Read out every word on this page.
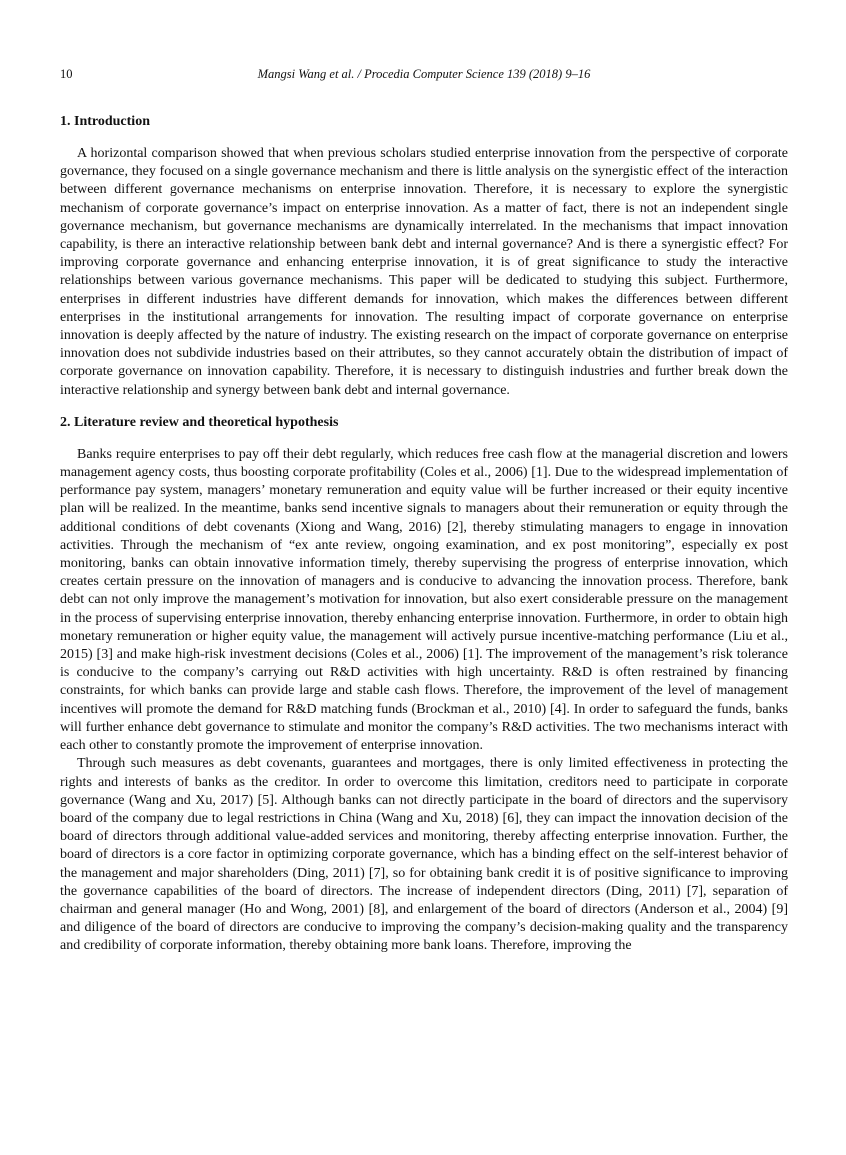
10	Mangsi Wang et al. / Procedia Computer Science 139 (2018) 9–16
1. Introduction

A horizontal comparison showed that when previous scholars studied enterprise innovation from the perspective of corporate governance, they focused on a single governance mechanism and there is little analysis on the synergistic effect of the interaction between different governance mechanisms on enterprise innovation. Therefore, it is necessary to explore the synergistic mechanism of corporate governance’s impact on enterprise innovation. As a matter of fact, there is not an independent single governance mechanism, but governance mechanisms are dynamically interrelated. In the mechanisms that impact innovation capability, is there an interactive relationship between bank debt and internal governance? And is there a synergistic effect? For improving corporate governance and enhancing enterprise innovation, it is of great significance to study the interactive relationships between various governance mechanisms. This paper will be dedicated to studying this subject. Furthermore, enterprises in different industries have different demands for innovation, which makes the differences between different enterprises in the institutional arrangements for innovation. The resulting impact of corporate governance on enterprise innovation is deeply affected by the nature of industry. The existing research on the impact of corporate governance on enterprise innovation does not subdivide industries based on their attributes, so they cannot accurately obtain the distribution of impact of corporate governance on innovation capability. Therefore, it is necessary to distinguish industries and further break down the interactive relationship and synergy between bank debt and internal governance.

2. Literature review and theoretical hypothesis

Banks require enterprises to pay off their debt regularly, which reduces free cash flow at the managerial discretion and lowers management agency costs, thus boosting corporate profitability (Coles et al., 2006) [1]. Due to the widespread implementation of performance pay system, managers’ monetary remuneration and equity value will be further increased or their equity incentive plan will be realized. In the meantime, banks send incentive signals to managers about their remuneration or equity through the additional conditions of debt covenants (Xiong and Wang, 2016) [2], thereby stimulating managers to engage in innovation activities. Through the mechanism of “ex ante review, ongoing examination, and ex post monitoring”, especially ex post monitoring, banks can obtain innovative information timely, thereby supervising the progress of enterprise innovation, which creates certain pressure on the innovation of managers and is conducive to advancing the innovation process. Therefore, bank debt can not only improve the management’s motivation for innovation, but also exert considerable pressure on the management in the process of supervising enterprise innovation, thereby enhancing enterprise innovation. Furthermore, in order to obtain high monetary remuneration or higher equity value, the management will actively pursue incentive-matching performance (Liu et al., 2015) [3] and make high-risk investment decisions (Coles et al., 2006) [1]. The improvement of the management’s risk tolerance is conducive to the company’s carrying out R&D activities with high uncertainty. R&D is often restrained by financing constraints, for which banks can provide large and stable cash flows. Therefore, the improvement of the level of management incentives will promote the demand for R&D matching funds (Brockman et al., 2010) [4]. In order to safeguard the funds, banks will further enhance debt governance to stimulate and monitor the company’s R&D activities. The two mechanisms interact with each other to constantly promote the improvement of enterprise innovation.

Through such measures as debt covenants, guarantees and mortgages, there is only limited effectiveness in protecting the rights and interests of banks as the creditor. In order to overcome this limitation, creditors need to participate in corporate governance (Wang and Xu, 2017) [5]. Although banks can not directly participate in the board of directors and the supervisory board of the company due to legal restrictions in China (Wang and Xu, 2018) [6], they can impact the innovation decision of the board of directors through additional value-added services and monitoring, thereby affecting enterprise innovation. Further, the board of directors is a core factor in optimizing corporate governance, which has a binding effect on the self-interest behavior of the management and major shareholders (Ding, 2011) [7], so for obtaining bank credit it is of positive significance to improving the governance capabilities of the board of directors. The increase of independent directors (Ding, 2011) [7], separation of chairman and general manager (Ho and Wong, 2001) [8], and enlargement of the board of directors (Anderson et al., 2004) [9] and diligence of the board of directors are conducive to improving the company’s decision-making quality and the transparency and credibility of corporate information, thereby obtaining more bank loans. Therefore, improving the
